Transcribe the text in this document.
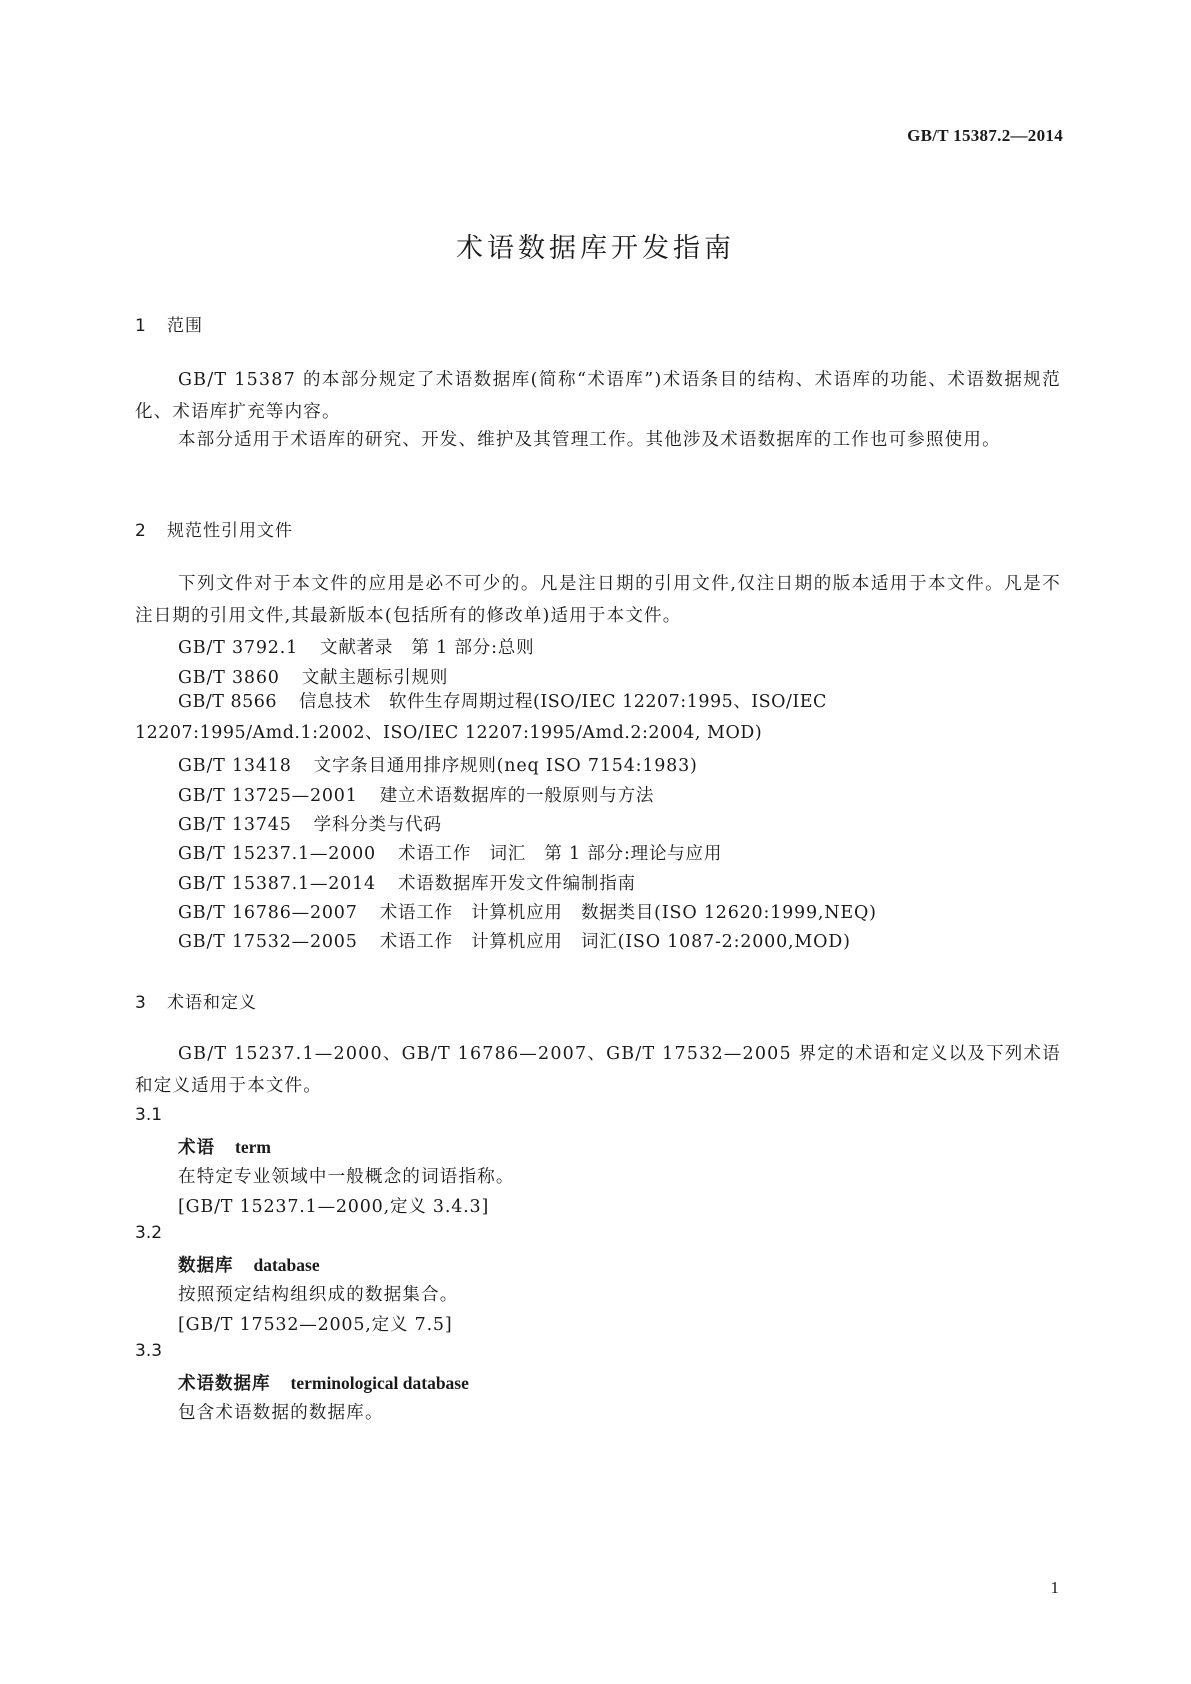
GB/T 15387.2—2014
术语数据库开发指南
1 范围
GB/T 15387 的本部分规定了术语数据库(简称“术语库”)术语条目的结构、术语库的功能、术语数据规范化、术语库扩充等内容。
本部分适用于术语库的研究、开发、维护及其管理工作。其他涉及术语数据库的工作也可参照使用。
2 规范性引用文件
下列文件对于本文件的应用是必不可少的。凡是注日期的引用文件,仅注日期的版本适用于本文件。凡是不注日期的引用文件,其最新版本(包括所有的修改单)适用于本文件。
GB/T 3792.1 文献著录　第 1 部分:总则
GB/T 3860 文献主题标引规则
GB/T 8566 信息技术　软件生存周期过程(ISO/IEC 12207:1995、ISO/IEC 12207:1995/Amd.1:2002、ISO/IEC 12207:1995/Amd.2:2004, MOD)
GB/T 13418 文字条目通用排序规则(neq ISO 7154:1983)
GB/T 13725—2001 建立术语数据库的一般原则与方法
GB/T 13745 学科分类与代码
GB/T 15237.1—2000 术语工作　词汇　第 1 部分:理论与应用
GB/T 15387.1—2014 术语数据库开发文件编制指南
GB/T 16786—2007 术语工作　计算机应用　数据类目(ISO 12620:1999,NEQ)
GB/T 17532—2005 术语工作　计算机应用　词汇(ISO 1087-2:2000,MOD)
3 术语和定义
GB/T 15237.1—2000、GB/T 16786—2007、GB/T 17532—2005 界定的术语和定义以及下列术语和定义适用于本文件。
3.1
术语 term
在特定专业领域中一般概念的词语指称。
[GB/T 15237.1—2000,定义 3.4.3]
3.2
数据库 database
按照预定结构组织成的数据集合。
[GB/T 17532—2005,定义 7.5]
3.3
术语数据库 terminological database
包含术语数据的数据库。
1
